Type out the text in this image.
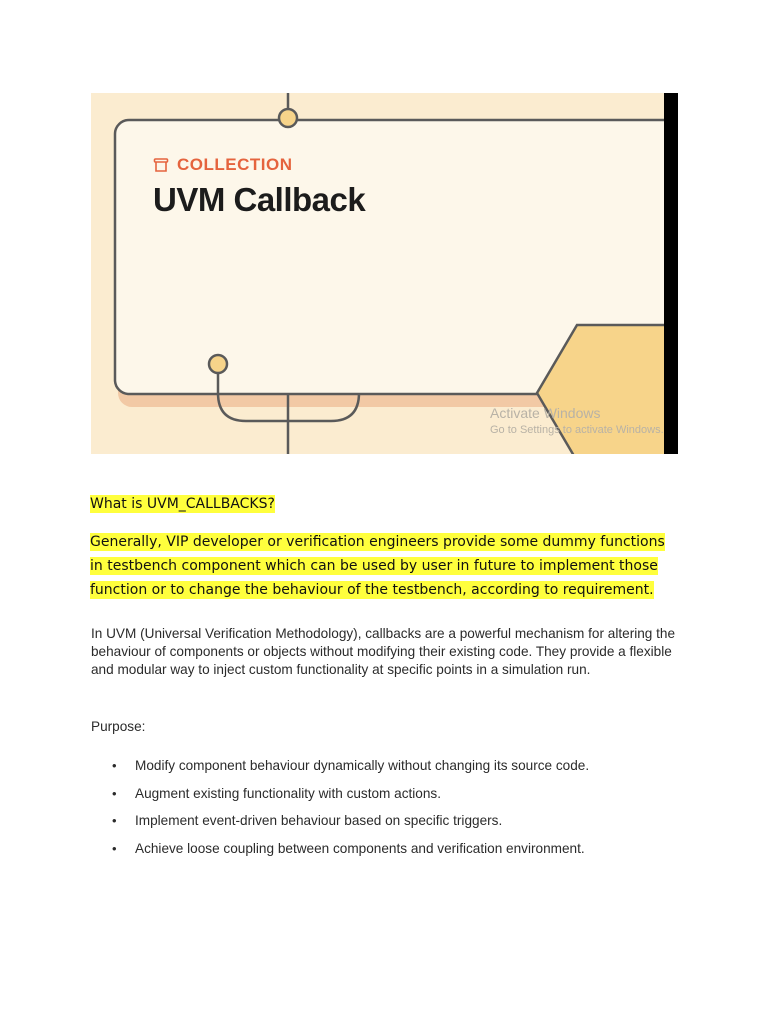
COLLECTION
UVM Callback
Activate Windows
Go to Settings to activate Windows.
What is UVM_CALLBACKS?
Generally, VIP developer or verification engineers provide some dummy functions
in testbench component which can be used by user in future to implement those
function or to change the behaviour of the testbench, according to requirement.
In UVM (Universal Verification Methodology), callbacks are a powerful mechanism for altering the behaviour of components or objects without modifying their existing code. They provide a flexible and modular way to inject custom functionality at specific points in a simulation run.
Purpose:
• Modify component behaviour dynamically without changing its source code.
• Augment existing functionality with custom actions.
• Implement event-driven behaviour based on specific triggers.
• Achieve loose coupling between components and verification environment.
